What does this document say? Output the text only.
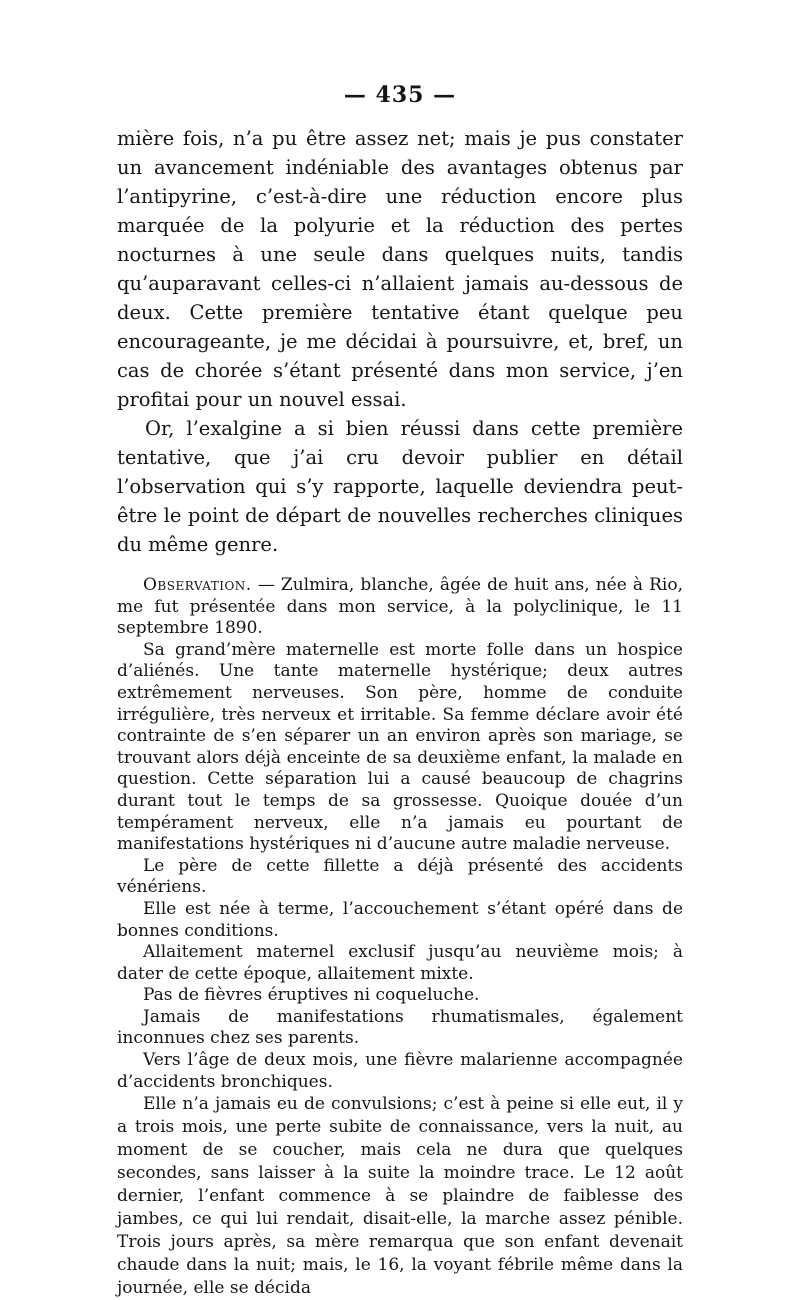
— 435 —

mière fois, n’a pu être assez net; mais je pus constater un avancement indéniable des avantages obtenus par l’antipyrine, c’est-à-dire une réduction encore plus marquée de la polyurie et la réduction des pertes nocturnes à une seule dans quelques nuits, tandis qu’auparavant celles-ci n’allaient jamais au-dessous de deux. Cette première tentative étant quelque peu encourageante, je me décidai à poursuivre, et, bref, un cas de chorée s’étant présenté dans mon service, j’en profitai pour un nouvel essai.

Or, l’exalgine a si bien réussi dans cette première tentative, que j’ai cru devoir publier en détail l’observation qui s’y rapporte, laquelle deviendra peut-être le point de départ de nouvelles recherches cliniques du même genre.

Observation. — Zulmira, blanche, âgée de huit ans, née à Rio, me fut présentée dans mon service, à la polyclinique, le 11 septembre 1890.

Sa grand’mère maternelle est morte folle dans un hospice d’aliénés. Une tante maternelle hystérique; deux autres extrêmement nerveuses. Son père, homme de conduite irrégulière, très nerveux et irritable. Sa femme déclare avoir été contrainte de s’en séparer un an environ après son mariage, se trouvant alors déjà enceinte de sa deuxième enfant, la malade en question. Cette séparation lui a causé beaucoup de chagrins durant tout le temps de sa grossesse. Quoique douée d’un tempérament nerveux, elle n’a jamais eu pourtant de manifestations hystériques ni d’aucune autre maladie nerveuse.

Le père de cette fillette a déjà présenté des accidents vénériens.

Elle est née à terme, l’accouchement s’étant opéré dans de bonnes conditions.

Allaitement maternel exclusif jusqu’au neuvième mois; à dater de cette époque, allaitement mixte.

Pas de fièvres éruptives ni coqueluche.

Jamais de manifestations rhumatismales, également inconnues chez ses parents.

Vers l’âge de deux mois, une fièvre malarienne accompagnée d’accidents bronchiques.

Elle n’a jamais eu de convulsions; c’est à peine si elle eut, il y a trois mois, une perte subite de connaissance, vers la nuit, au moment de se coucher, mais cela ne dura que quelques secondes, sans laisser à la suite la moindre trace. Le 12 août dernier, l’enfant commence à se plaindre de faiblesse des jambes, ce qui lui rendait, disait-elle, la marche assez pénible. Trois jours après, sa mère remarqua que son enfant devenait chaude dans la nuit; mais, le 16, la voyant fébrile même dans la journée, elle se décida
